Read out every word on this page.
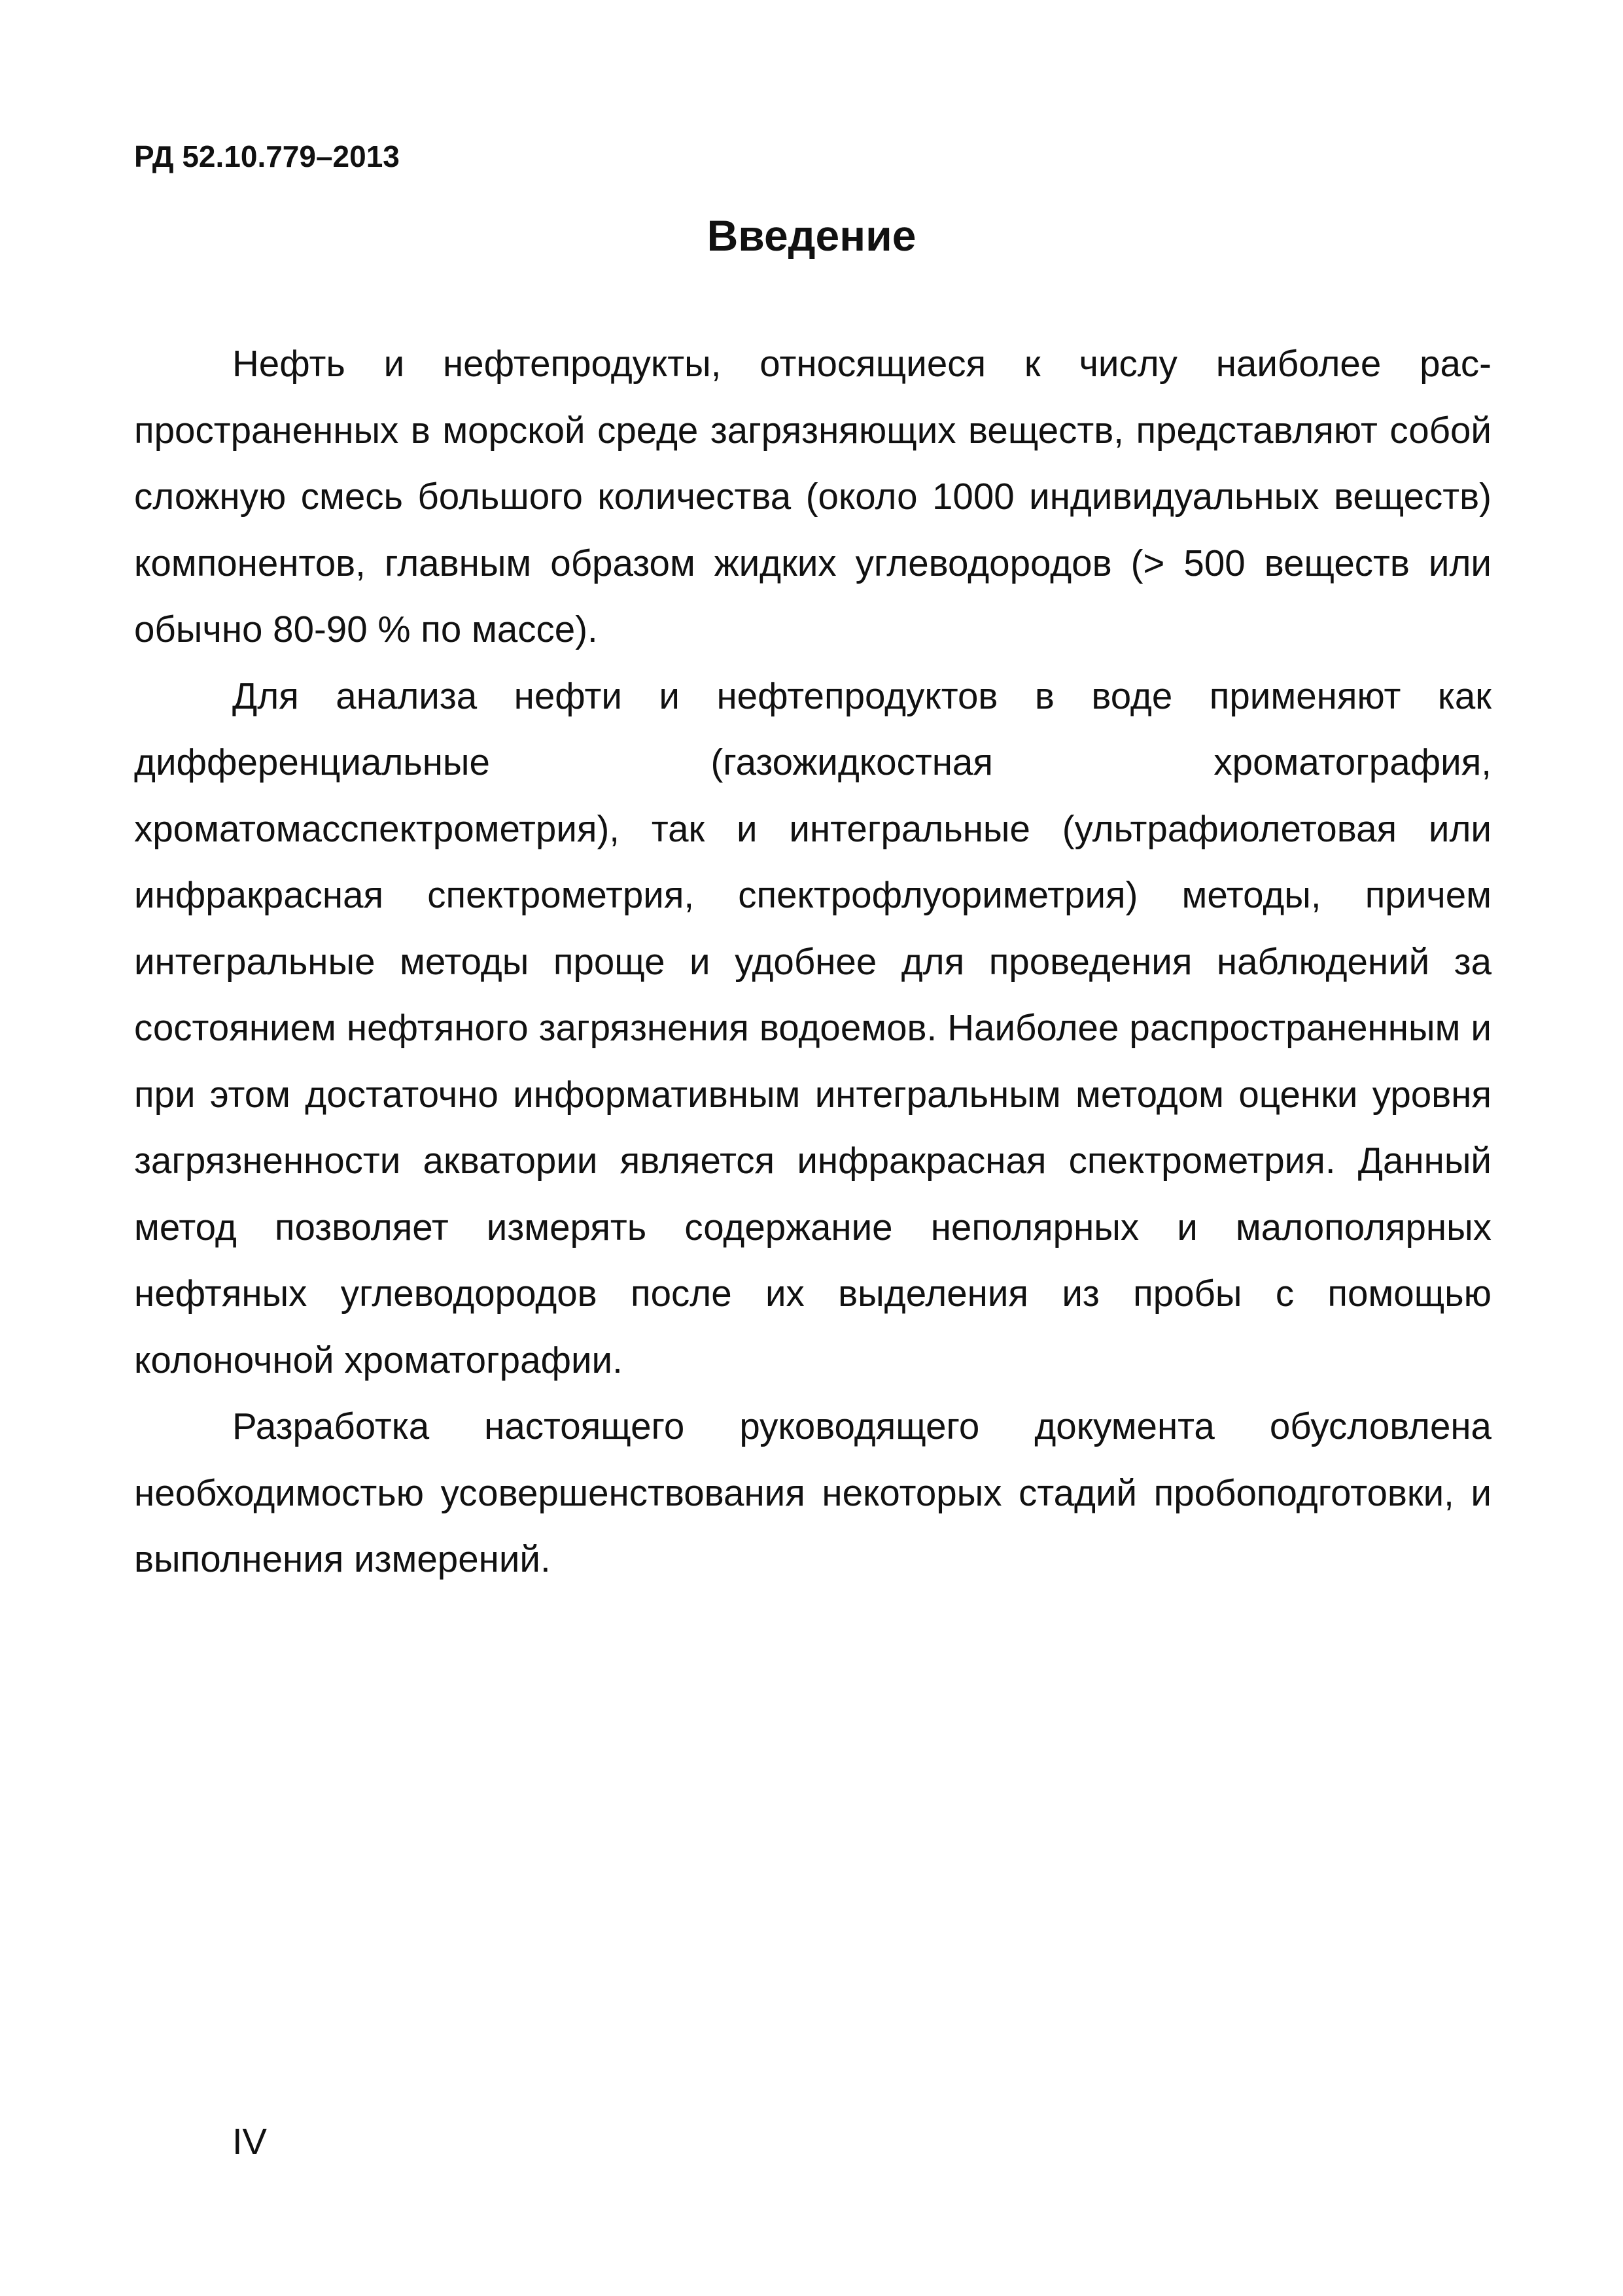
РД 52.10.779–2013
Введение

Нефть и нефтепродукты, относящиеся к числу наиболее распространенных в морской среде загрязняющих веществ, представляют собой сложную смесь большого количества (около 1000 индивидуальных веществ) компонентов, главным образом жидких углеводородов (> 500 веществ или обычно 80-90 % по массе).

Для анализа нефти и нефтепродуктов в воде применяют как дифференциальные (газожидкостная хроматография, хроматомасспектрометрия), так и интегральные (ультрафиолетовая или инфракрасная спектрометрия, спектрофлуориметрия) методы, причем интегральные методы проще и удобнее для проведения наблюдений за состоянием нефтяного загрязнения водоемов. Наиболее распространенным и при этом достаточно информативным интегральным методом оценки уровня загрязненности акватории является инфракрасная спектрометрия. Данный метод позволяет измерять содержание неполярных и малополярных нефтяных углеводородов после их выделения из пробы с помощью колоночной хроматографии.

Разработка настоящего руководящего документа обусловлена необходимостью усовершенствования некоторых стадий пробоподготовки, и выполнения измерений.

IV
